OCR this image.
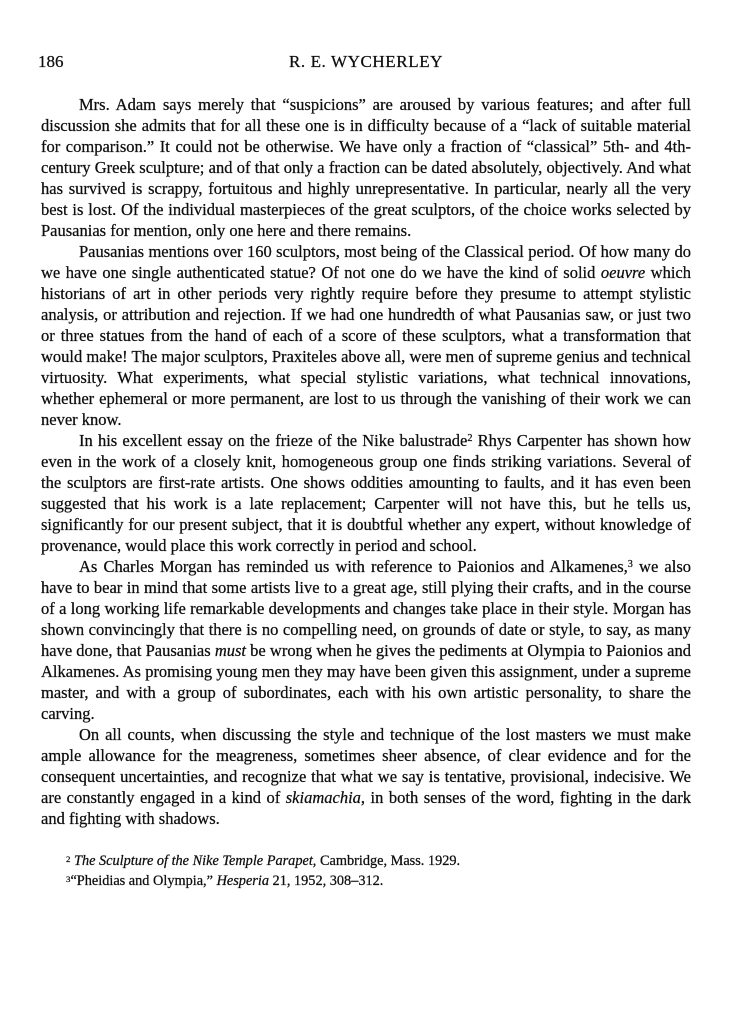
186	R. E. WYCHERLEY

Mrs. Adam says merely that “suspicions” are aroused by various features; and after full discussion she admits that for all these one is in difficulty because of a “lack of suitable material for comparison.” It could not be otherwise. We have only a fraction of “classical” 5th- and 4th-century Greek sculpture; and of that only a fraction can be dated absolutely, objectively. And what has survived is scrappy, fortuitous and highly unrepresentative. In particular, nearly all the very best is lost. Of the individual masterpieces of the great sculptors, of the choice works selected by Pausanias for mention, only one here and there remains.

Pausanias mentions over 160 sculptors, most being of the Classical period. Of how many do we have one single authenticated statue? Of not one do we have the kind of solid oeuvre which historians of art in other periods very rightly require before they presume to attempt stylistic analysis, or attribution and rejection. If we had one hundredth of what Pausanias saw, or just two or three statues from the hand of each of a score of these sculptors, what a transformation that would make! The major sculptors, Praxiteles above all, were men of supreme genius and technical virtuosity. What experiments, what special stylistic variations, what technical innovations, whether ephemeral or more permanent, are lost to us through the vanishing of their work we can never know.

In his excellent essay on the frieze of the Nike balustrade$^2$ Rhys Carpenter has shown how even in the work of a closely knit, homogeneous group one finds striking variations. Several of the sculptors are first-rate artists. One shows oddities amounting to faults, and it has even been suggested that his work is a late replacement; Carpenter will not have this, but he tells us, significantly for our present subject, that it is doubtful whether any expert, without knowledge of provenance, would place this work correctly in period and school.

As Charles Morgan has reminded us with reference to Paionios and Alkamenes,$^3$ we also have to bear in mind that some artists live to a great age, still plying their crafts, and in the course of a long working life remarkable developments and changes take place in their style. Morgan has shown convincingly that there is no compelling need, on grounds of date or style, to say, as many have done, that Pausanias must be wrong when he gives the pediments at Olympia to Paionios and Alkamenes. As promising young men they may have been given this assignment, under a supreme master, and with a group of subordinates, each with his own artistic personality, to share the carving.

On all counts, when discussing the style and technique of the lost masters we must make ample allowance for the meagreness, sometimes sheer absence, of clear evidence and for the consequent uncertainties, and recognize that what we say is tentative, provisional, indecisive. We are constantly engaged in a kind of skiamachia, in both senses of the word, fighting in the dark and fighting with shadows.

$^2$ The Sculpture of the Nike Temple Parapet, Cambridge, Mass. 1929.

$^3$“Pheidias and Olympia,” Hesperia 21, 1952, 308–312.
